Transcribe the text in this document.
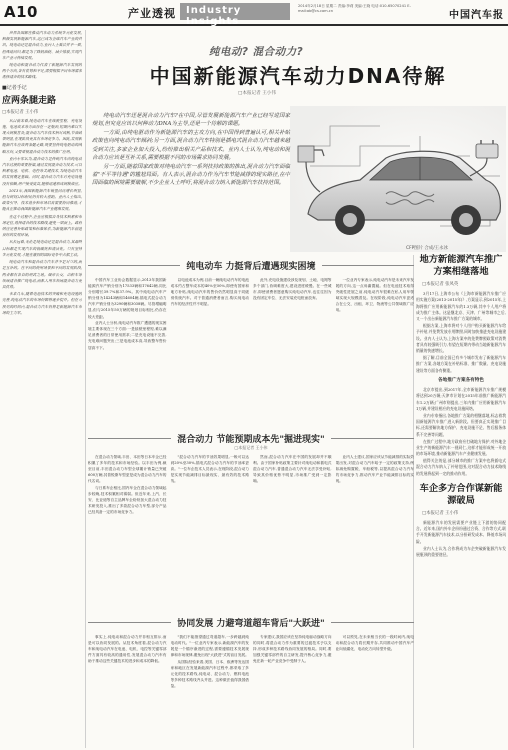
A10	产业透视	Industry Insights
2014年2月18日 星期二 责编:李莉 美编:王晓 电话:010-65070241 E-mail:ab@cs.com.cn	中国汽车报

世界各国都在推动汽车动力系统多元化发展,积极发展新能源汽车,这已成为全球汽车产业的共识。纯电动还是混合动力,业内人士看法并不一致,但殊途同归,都是为了降低油耗、减少排放,实现汽车产业可持续发展。

纯电动和混合动力代表了新能源汽车发展的两个方向,各有优势和不足,需要根据不同市场需求选择适合的技术路线。

■记者手记
应两条腿走路
□本报记者 王小伟

从目前来看,纯电动汽车在续驶里程、充电设施、电池成本等方面存在一定瓶颈,短期内难以实现大规模普及;混合动力汽车技术相对成熟,节油效果明显,在现阶段更具有市场竞争力。因此,发展新能源汽车应该两条腿走路,既要坚持纯电驱动的战略方向,又要重视混合动力技术的推广应用。

业内专家认为,混合动力是传统汽车向纯电动汽车过渡的重要桥梁,通过发展混合动力技术,可以积累电池、电机、电控等关键技术,为纯电动汽车的发展奠定基础。同时,混合动力汽车对充电设施没有依赖,用户接受度高,能够迅速形成规模效应。

2013年,我国新能源汽车销量同比增长明显,但与规划目标相比仍有较大差距。业内人士指出,政策引导、技术进步和市场培育需要协同推进,才能真正推动我国新能源汽车产业健康发展。

在这个过程中,企业应根据自身技术积累和市场定位,选择适合的技术路线,避免一哄而上。政府则应完善补贴政策和标准体系,为新能源汽车创造良好的发展环境。

从长远看,无论是纯电动还是混合动力,其最终目标都是实现汽车的低碳化和清洁化。只有坚持多元化发展,才能在激烈的国际竞争中占据主动。

纯电动汽车和混合动力汽车并不是对立的,而是互补的。在不同的使用场景和不同的发展阶段,两者都有各自的用武之地。城市公交、出租车等领域适合推广纯电动,而私人用车领域混合动力更具优势。

未来几年,随着电池技术的突破和充电设施的完善,纯电动汽车的市场份额将逐步提升。但在可预见的时间内,混合动力汽车仍将是新能源汽车市场的主力军。

纯电动? 混合动力?
中国新能源汽车动力DNA待解
□本报记者 王小伟

纯电动汽车还是混合动力汽车?在中国,尽管发展新能源汽车产业已经写进国家规划,但究竟应该以何种动力DNA为主导,还是一个待解的课题。

一方面,由纯电驱动作为新能源汽车的主攻方向,在中国得到普遍认可,相关补贴政策也向纯电动汽车倾斜;另一方面,混合动力汽车特别是插电式混合动力汽车越来越受到关注,多家企业加大投入,纷纷推出相关产品和技术。业内人士认为,纯电动和混合动力应该是互补关系,需要根据不同的市场需求协同发展。

另一方面,随着国家政策对纯电动汽车一系列扶持政策的推出,混合动力汽车面临着"不平等待遇"的尴尬局面。有人表示,混合动力作为汽车节能减排的现实路径,在中国面临的困境需要破解,不少企业人士呼吁,将混合动力纳入新能源汽车扶持范围。

CFP图片 合成/王永冰
地方新能源汽车推广方案相继落地
□本报记者 张凤英

3月17日,上海市公布《上海市新能源汽车推广应用实施方案(2013-2015年)》,方案显示,到2015年,上海将推广应用新能源汽车约1.3万辆,其中个人用户将成为推广主体。这是继北京、天津、广州等城市之后,又一个出台新能源汽车推广方案的城市。

根据方案,上海市将对个人用户购买新能源汽车给予补贴,并免费发放专用牌照,同时加快推进充电设施建设。业内人士认为,上海方案中的免费牌照政策对消费者具有较强吸引力,有望在短期内带动当地新能源汽车销量的快速增长。

据了解,目前全国已有多个城市发布了新能源汽车推广方案,各地方案在补贴标准、推广数量、充电设施建设等方面各有侧重。

各地推广方案各有特色

北京市提出,到2017年,全市新能源汽车推广规模将达到20万辆;天津市计划在2015年前推广新能源汽车1.2万辆;广州市则提出,三年内推广应用新能源汽车1万辆,并建设相应的充电设施网络。

业内专家指出,各地推广方案的相继落地,标志着我国新能源汽车推广进入新阶段。但要真正实现推广目标,还需要解决地方保护、充电设施不足、售后服务体系不完善等问题。

在推广过程中,地方政府应打破地方保护,对外地企业生产的新能源汽车一视同仁,这样才能形成统一开放的市场环境,推动新能源汽车产业健康发展。

值得关注的是,部分城市的推广方案中也将插电式混合动力汽车纳入了补贴范围,这对混合动力技术路线的发展将起到一定的推动作用。

车企多方合作谋新能源破局
□本报记者 王小伟

新能源汽车的发展需要产业链上下游的协同配合。近年来,国内外车企纷纷通过合资、合作等方式,联手开发新能源汽车技术,以分担研发成本、降低市场风险。

业内人士认为,合作将成为车企突破新能源汽车发展瓶颈的重要途径。

纯电动车 力挺背后遭遇现实困境

中国汽车工业协会数据显示,2013年我国新能源汽车产销分别为17533辆和17642辆,同比分别增长39.7%和37.9%。其中纯电动汽车产销分别为14243辆和14604辆,插电式混合动力汽车产销分别为3290辆和3038辆。尽管增幅明显,但与2015年50万辆的规划目标相比,仍存在较大差距。

业内人士分析,纯电动汽车推广遭遇的现实困境主要体现在三个方面:一是续驶里程短,难以满足消费者的日常使用需求;二是充电设施不完善,充电难问题突出;三是电池成本高,导致整车售价居高不下。

以电池成本为例,目前一辆纯电动汽车的电池成本约占整车成本的40%至50%,即使有国家和地方补贴,纯电动汽车的售价仍然明显高于同级别传统汽车。对于普通消费者而言,购买纯电动汽车的经济性并不明显。

此外,充电设施建设涉及规划、土地、电网等多个部门,协调难度大,建设进度缓慢。在一些城市,即使消费者愿意购买纯电动汽车,也往往因为没有固定车位、无法安装充电桩而放弃。

一位业内专家表示,纯电动汽车是未来汽车发展的方向,这一点毋庸置疑。但在电池技术取得突破性进展之前,纯电动汽车很难在私人用车领域实现大规模普及。在现阶段,纯电动汽车更适合在公交、出租、环卫、物流等公共领域推广应用。

混合动力 节能预期成本先"掘进现实"
□本报记者 王小伟

在混合动力领域,丰田、本田等日本车企已经积累了多年的技术和市场经验。以丰田为例,截至目前,丰田混合动力车型全球累计销量已突破600万辆,其普锐斯车型更是成为混合动力汽车的代名词。

与日系车企相比,国内车企在混合动力领域起步较晚,技术积累相对薄弱。但近年来,上汽、长安、比亚迪等自主品牌车企纷纷加大混合动力技术研发投入,推出了多款混合动力车型,部分产品已经具备一定的市场竞争力。

"混合动力汽车的节油效果明显,一般可以达到20%至30%,插电式混合动力汽车的节油率更高。"一位车企技术人员表示,在现阶段,混合动力是实现节能减排目标最现实、最有效的技术路线。

然而,混合动力汽车在中国的发展却并不顺利。由于国家补贴政策主要针对纯电动和插电式混合动力汽车,普通混合动力汽车无法享受补贴,导致其价格优势不明显,市场推广受到一定影响。

业内人士建议,国家应该从节能减排的实际效果出发,对混合动力汽车给予一定的政策支持,例如减免购置税、车船税等,以提高混合动力汽车的市场竞争力,推动汽车产业节能减排目标的实现。

协同发展 力避弯道超车背后"大跃进"

事实上,纯电动和混合动力并非相互排斥,而是可以协同发展的。从技术角度看,混合动力汽车和纯电动汽车在电池、电机、电控等关键零部件方面具有较高的通用性,发展混合动力汽车有助于推动这些关键技术的进步和成本的降低。

"我们不能指望通过弯道超车,一步跨越到纯电动时代。"一位业内专家表示,新能源汽车的发展是一个循序渐进的过程,需要遵循技术发展规律和市场规律,避免出现"大跃进"式的盲目发展。

从国际经验来看,美国、日本、欧洲等发达国家和地区在发展新能源汽车过程中,都采取了多元化的技术路线,纯电动、混合动力、燃料电池等多种技术路线齐头并进。这种做法值得我国借鉴。

专家建议,我国应该在坚持纯电驱动战略方向的同时,将混合动力作为重要的过渡技术予以支持,形成多种技术路线协同发展的格局。同时,要加强关键零部件的自主研发,提升核心竞争力,避免在新一轮产业竞争中受制于人。

可以预见,在未来相当长的一段时间内,纯电动和混合动力将长期并存,共同推动中国汽车产业向低碳化、电动化方向转型升级。
